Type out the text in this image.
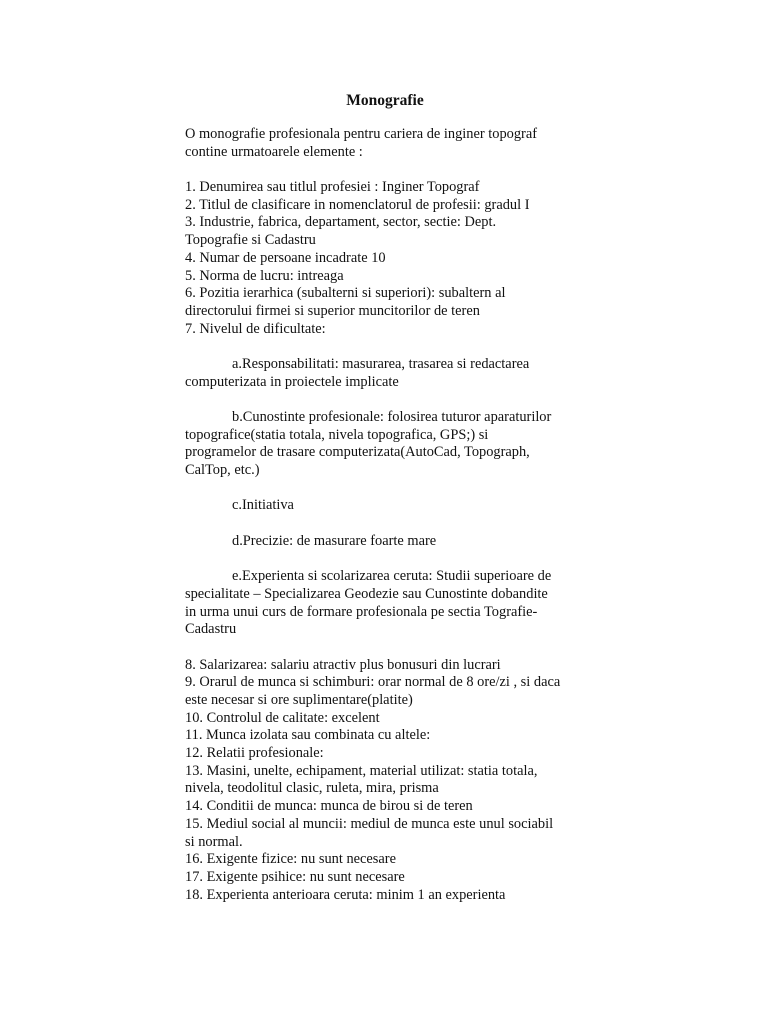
Monografie
O monografie profesionala pentru cariera de inginer topograf
contine urmatoarele elemente :
1. Denumirea sau titlul profesiei : Inginer Topograf
2. Titlul de clasificare in nomenclatorul de profesii: gradul I
3. Industrie, fabrica, departament, sector, sectie: Dept.
Topografie si Cadastru
4. Numar de persoane incadrate 10
5. Norma de lucru: intreaga
6. Pozitia ierarhica (subalterni si superiori): subaltern al
directorului firmei si superior muncitorilor de teren
7. Nivelul de dificultate:
a.Responsabilitati: masurarea, trasarea si redactarea
computerizata in proiectele implicate
b.Cunostinte profesionale: folosirea tuturor aparaturilor
topografice(statia totala, nivela topografica, GPS;) si
programelor de trasare computerizata(AutoCad, Topograph,
CalTop, etc.)
c.Initiativa
d.Precizie: de masurare foarte mare
e.Experienta si scolarizarea ceruta: Studii superioare de
specialitate – Specializarea Geodezie sau Cunostinte dobandite
in urma unui curs de formare profesionala pe sectia Tografie-
Cadastru
8. Salarizarea: salariu atractiv plus bonusuri din lucrari
9. Orarul de munca si schimburi: orar normal de 8 ore/zi , si daca
este necesar si ore suplimentare(platite)
10. Controlul de calitate: excelent
11. Munca izolata sau combinata cu altele:
12. Relatii profesionale:
13. Masini, unelte, echipament, material utilizat: statia totala,
nivela, teodolitul clasic, ruleta, mira, prisma
14. Conditii de munca: munca de birou si de teren
15. Mediul social al muncii: mediul de munca este unul sociabil
si normal.
16. Exigente fizice: nu sunt necesare
17. Exigente psihice: nu sunt necesare
18. Experienta anterioara ceruta: minim 1 an experienta
